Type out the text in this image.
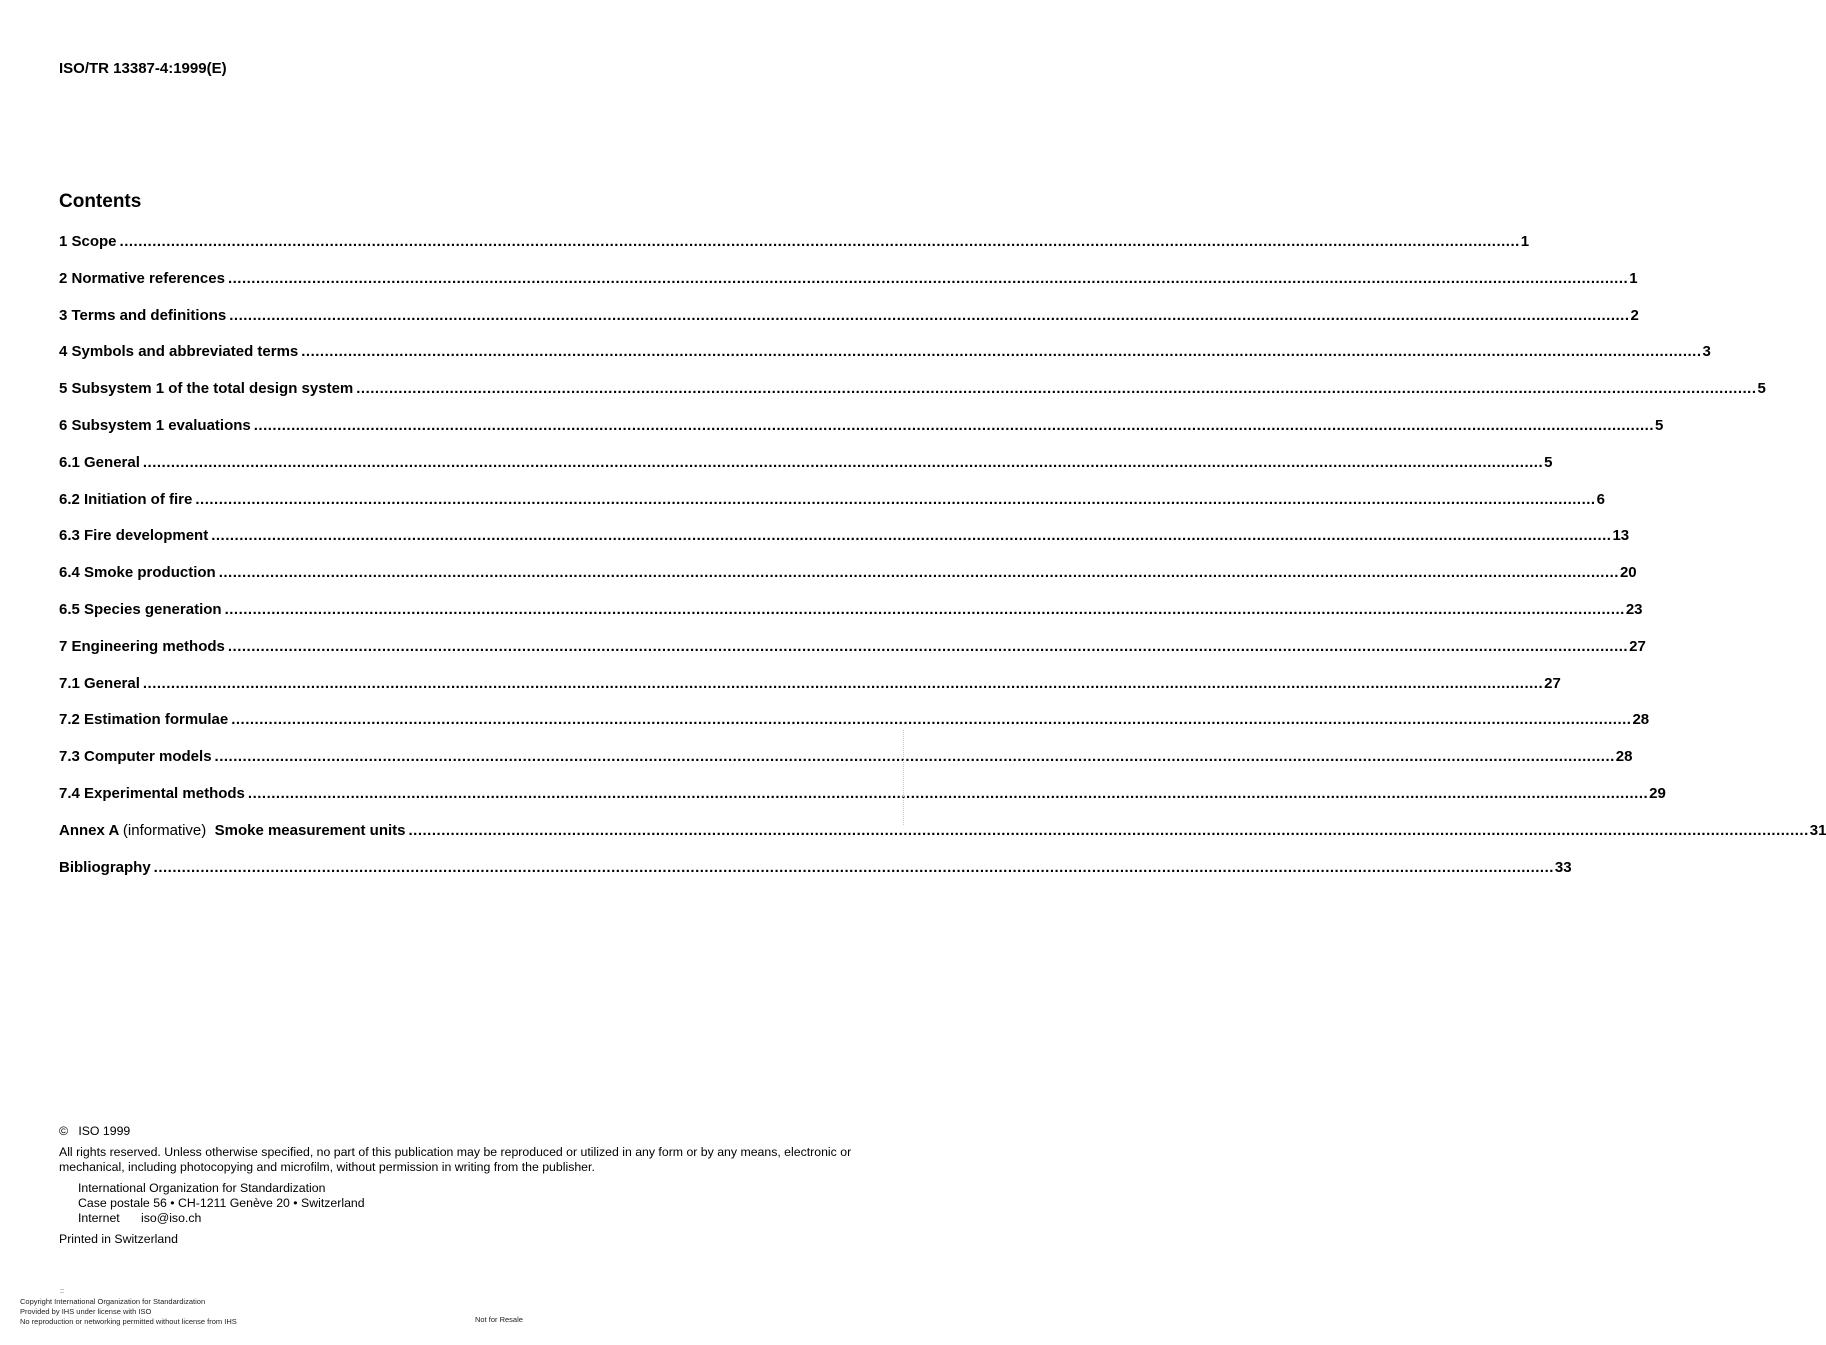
ISO/TR 13387-4:1999(E)
Contents
1 Scope ............................................................................................................................................................................................................................................................................................................ 1
2 Normative references ............................................................................................................................................................................................................................................................................................................ 1
3 Terms and definitions ............................................................................................................................................................................................................................................................................................................ 2
4 Symbols and abbreviated terms ............................................................................................................................................................................................................................................................................................................ 3
5 Subsystem 1 of the total design system ............................................................................................................................................................................................................................................................................................................ 5
6 Subsystem 1 evaluations ............................................................................................................................................................................................................................................................................................................ 5
6.1 General ............................................................................................................................................................................................................................................................................................................ 5
6.2 Initiation of fire ............................................................................................................................................................................................................................................................................................................ 6
6.3 Fire development ............................................................................................................................................................................................................................................................................................................ 13
6.4 Smoke production ............................................................................................................................................................................................................................................................................................................ 20
6.5 Species generation ............................................................................................................................................................................................................................................................................................................ 23
7 Engineering methods ............................................................................................................................................................................................................................................................................................................ 27
7.1 General ............................................................................................................................................................................................................................................................................................................ 27
7.2 Estimation formulae ............................................................................................................................................................................................................................................................................................................ 28
7.3 Computer models ............................................................................................................................................................................................................................................................................................................ 28
7.4 Experimental methods ............................................................................................................................................................................................................................................................................................................ 29
Annex A (informative) Smoke measurement units ............................................................................................................................................................................................................................................................................................................ 31
Bibliography ............................................................................................................................................................................................................................................................................................................ 33
© ISO 1999
All rights reserved. Unless otherwise specified, no part of this publication may be reproduced or utilized in any form or by any means, electronic or mechanical, including photocopying and microfilm, without permission in writing from the publisher.
International Organization for Standardization
Case postale 56 • CH-1211 Genève 20 • Switzerland
Internet iso@iso.ch
Printed in Switzerland
::
Copyright International Organization for Standardization
Provided by IHS under license with ISO
No reproduction or networking permitted without license from IHS	Not for Resale
